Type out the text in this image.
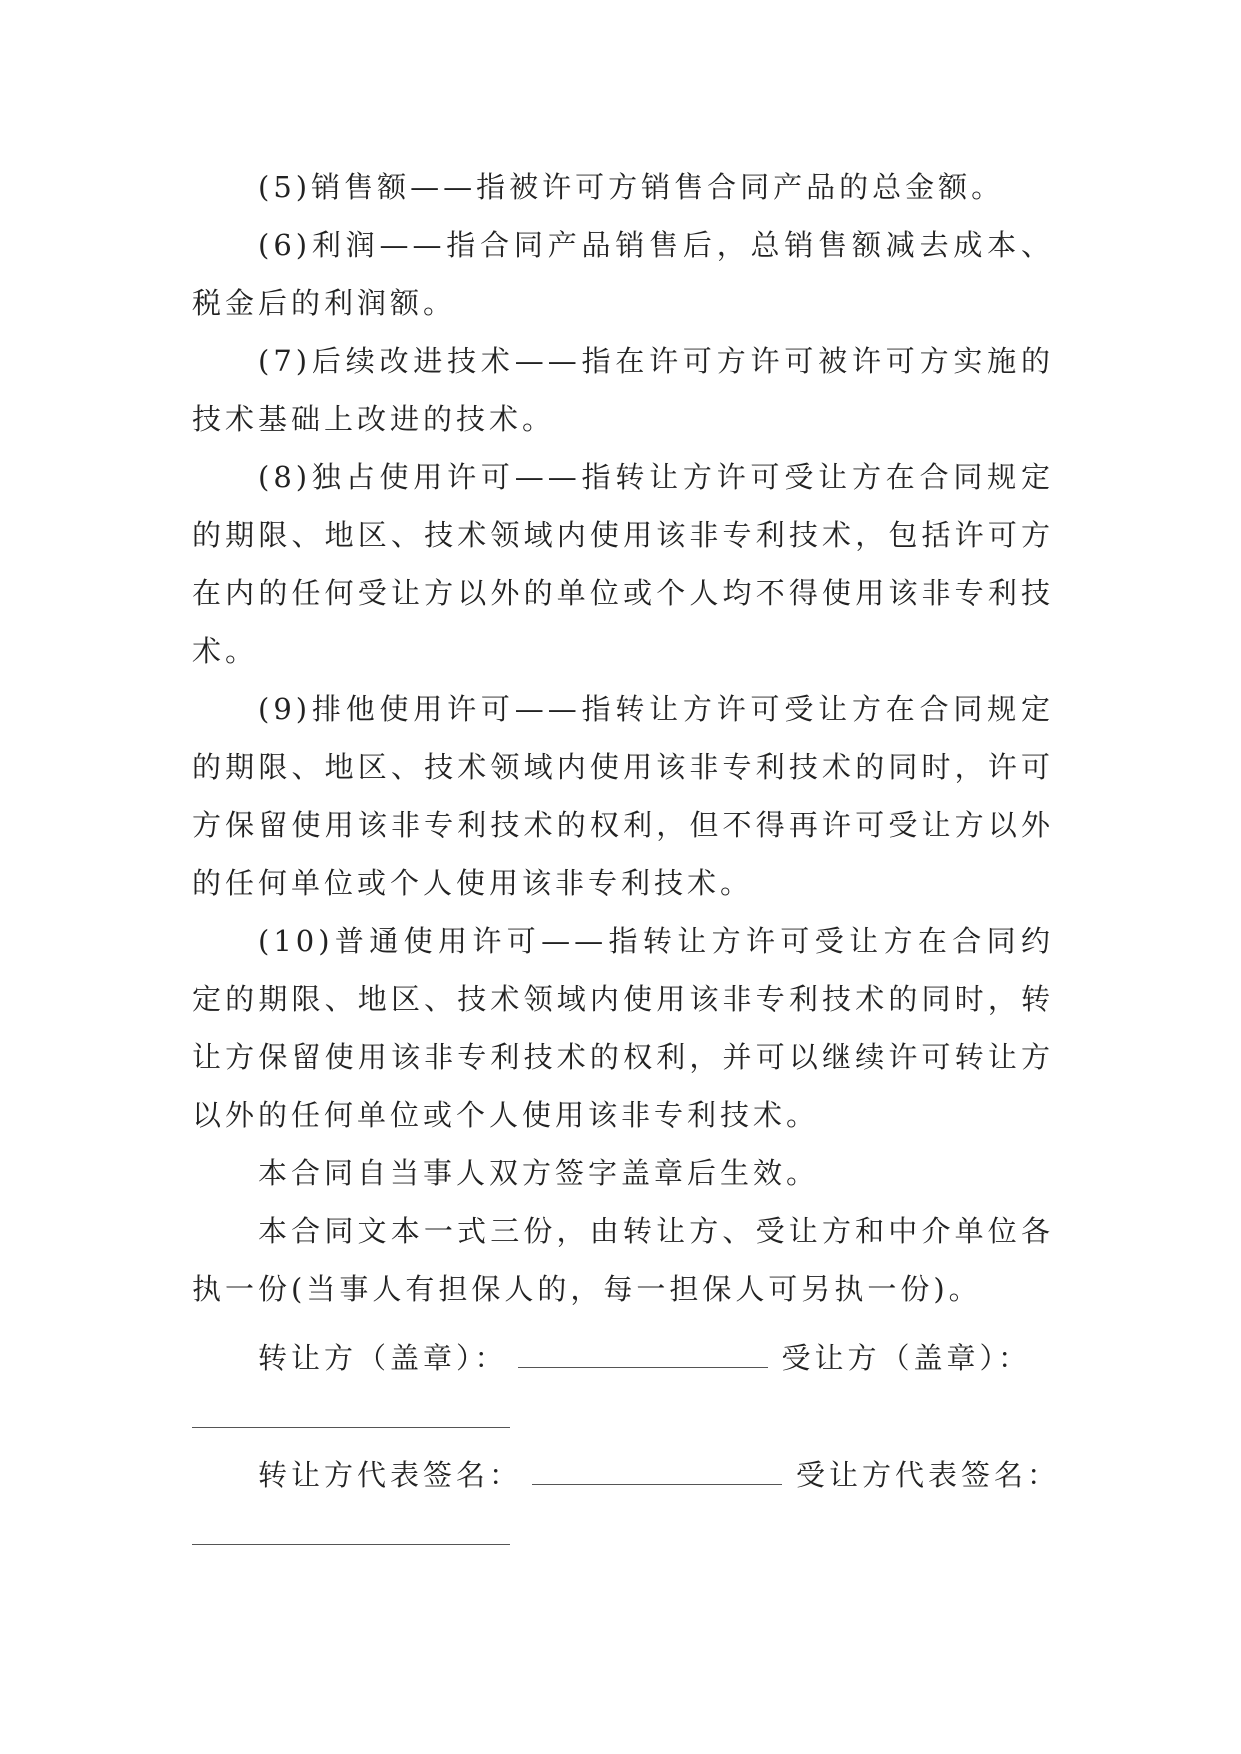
(5)销售额——指被许可方销售合同产品的总金额。

(6)利润——指合同产品销售后，总销售额减去成本、税金后的利润额。

(7)后续改进技术——指在许可方许可被许可方实施的技术基础上改进的技术。

(8)独占使用许可——指转让方许可受让方在合同规定的期限、地区、技术领域内使用该非专利技术，包括许可方在内的任何受让方以外的单位或个人均不得使用该非专利技术。

(9)排他使用许可——指转让方许可受让方在合同规定的期限、地区、技术领域内使用该非专利技术的同时，许可方保留使用该非专利技术的权利，但不得再许可受让方以外的任何单位或个人使用该非专利技术。

(10)普通使用许可——指转让方许可受让方在合同约定的期限、地区、技术领域内使用该非专利技术的同时，转让方保留使用该非专利技术的权利，并可以继续许可转让方以外的任何单位或个人使用该非专利技术。

本合同自当事人双方签字盖章后生效。

本合同文本一式三份，由转让方、受让方和中介单位各执一份(当事人有担保人的，每一担保人可另执一份)。

转让方（盖章）：	受让方（盖章）：
转让方代表签名：	受让方代表签名：
